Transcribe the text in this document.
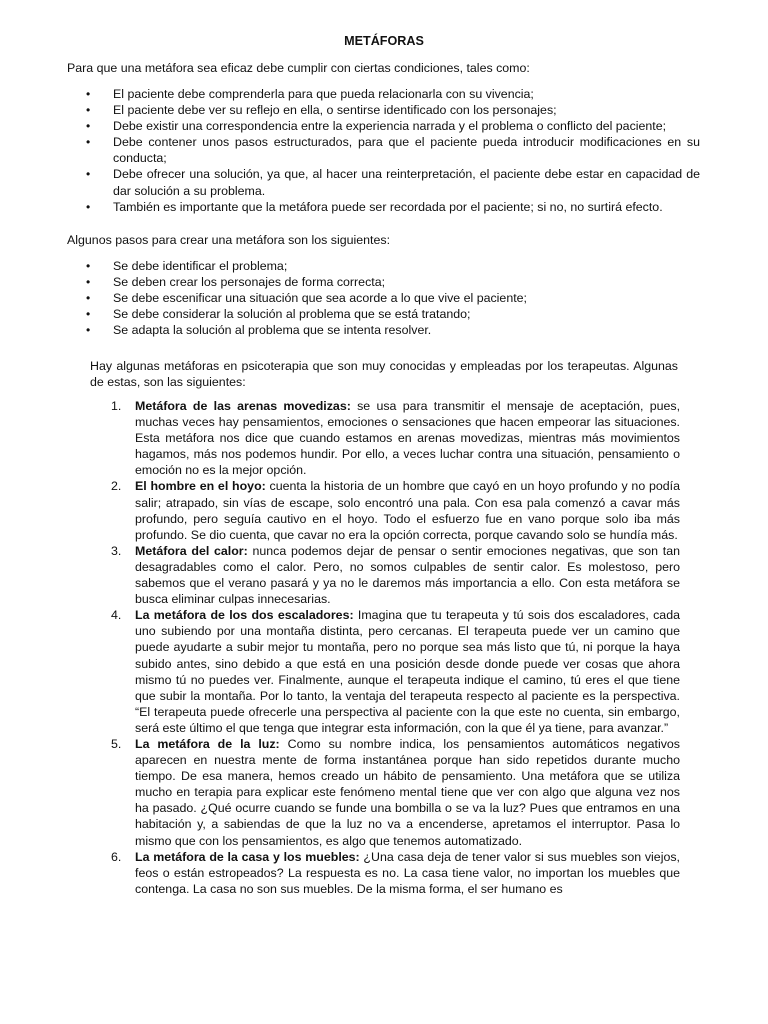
METÁFORAS

Para que una metáfora sea eficaz debe cumplir con ciertas condiciones, tales como:

• El paciente debe comprenderla para que pueda relacionarla con su vivencia;
• El paciente debe ver su reflejo en ella, o sentirse identificado con los personajes;
• Debe existir una correspondencia entre la experiencia narrada y el problema o conflicto del paciente;
• Debe contener unos pasos estructurados, para que el paciente pueda introducir modificaciones en su conducta;
• Debe ofrecer una solución, ya que, al hacer una reinterpretación, el paciente debe estar en capacidad de dar solución a su problema.
• También es importante que la metáfora puede ser recordada por el paciente; si no, no surtirá efecto.

Algunos pasos para crear una metáfora son los siguientes:

• Se debe identificar el problema;
• Se deben crear los personajes de forma correcta;
• Se debe escenificar una situación que sea acorde a lo que vive el paciente;
• Se debe considerar la solución al problema que se está tratando;
• Se adapta la solución al problema que se intenta resolver.

Hay algunas metáforas en psicoterapia que son muy conocidas y empleadas por los terapeutas. Algunas de estas, son las siguientes:

1. Metáfora de las arenas movedizas: se usa para transmitir el mensaje de aceptación, pues, muchas veces hay pensamientos, emociones o sensaciones que hacen empeorar las situaciones. Esta metáfora nos dice que cuando estamos en arenas movedizas, mientras más movimientos hagamos, más nos podemos hundir. Por ello, a veces luchar contra una situación, pensamiento o emoción no es la mejor opción.
2. El hombre en el hoyo: cuenta la historia de un hombre que cayó en un hoyo profundo y no podía salir; atrapado, sin vías de escape, solo encontró una pala. Con esa pala comenzó a cavar más profundo, pero seguía cautivo en el hoyo. Todo el esfuerzo fue en vano porque solo iba más profundo. Se dio cuenta, que cavar no era la opción correcta, porque cavando solo se hundía más.
3. Metáfora del calor: nunca podemos dejar de pensar o sentir emociones negativas, que son tan desagradables como el calor. Pero, no somos culpables de sentir calor. Es molestoso, pero sabemos que el verano pasará y ya no le daremos más importancia a ello. Con esta metáfora se busca eliminar culpas innecesarias.
4. La metáfora de los dos escaladores: Imagina que tu terapeuta y tú sois dos escaladores, cada uno subiendo por una montaña distinta, pero cercanas. El terapeuta puede ver un camino que puede ayudarte a subir mejor tu montaña, pero no porque sea más listo que tú, ni porque la haya subido antes, sino debido a que está en una posición desde donde puede ver cosas que ahora mismo tú no puedes ver. Finalmente, aunque el terapeuta indique el camino, tú eres el que tiene que subir la montaña. Por lo tanto, la ventaja del terapeuta respecto al paciente es la perspectiva. “El terapeuta puede ofrecerle una perspectiva al paciente con la que este no cuenta, sin embargo, será este último el que tenga que integrar esta información, con la que él ya tiene, para avanzar.”
5. La metáfora de la luz: Como su nombre indica, los pensamientos automáticos negativos aparecen en nuestra mente de forma instantánea porque han sido repetidos durante mucho tiempo. De esa manera, hemos creado un hábito de pensamiento. Una metáfora que se utiliza mucho en terapia para explicar este fenómeno mental tiene que ver con algo que alguna vez nos ha pasado. ¿Qué ocurre cuando se funde una bombilla o se va la luz? Pues que entramos en una habitación y, a sabiendas de que la luz no va a encenderse, apretamos el interruptor. Pasa lo mismo que con los pensamientos, es algo que tenemos automatizado.
6. La metáfora de la casa y los muebles: ¿Una casa deja de tener valor si sus muebles son viejos, feos o están estropeados? La respuesta es no. La casa tiene valor, no importan los muebles que contenga. La casa no son sus muebles. De la misma forma, el ser humano es
